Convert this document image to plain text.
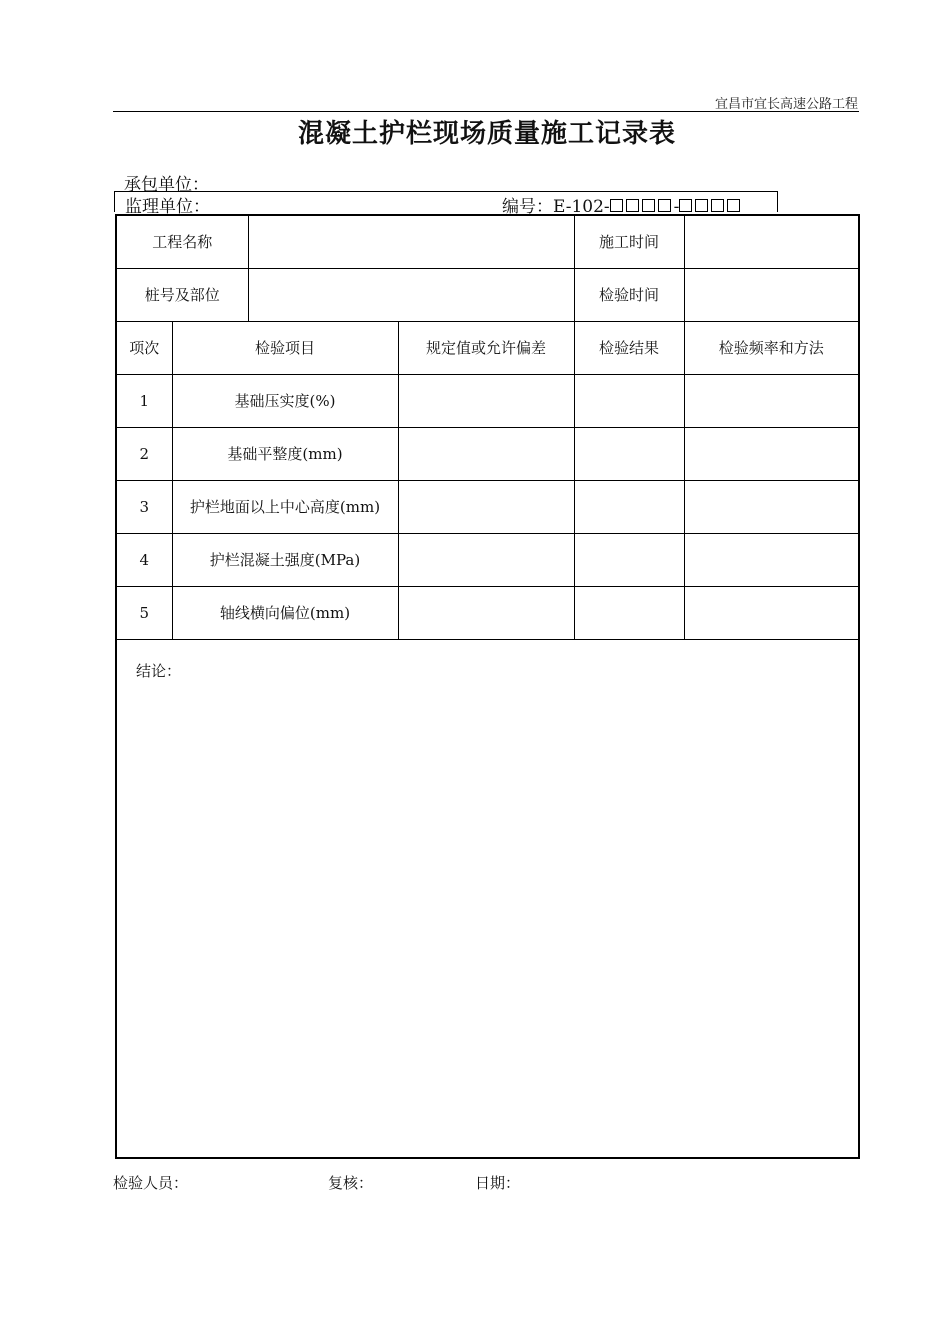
宜昌市宜长高速公路工程
混凝土护栏现场质量施工记录表
承包单位：
监理单位：	编号：E-102-	-
工程名称				施工时间	
桩号及部位				检验时间	
项次	检验项目		规定值或允许偏差	检验结果	检验频率和方法
1	基础压实度(%)				
2	基础平整度(mm)				
3	护栏地面以上中心高度(mm)				
4	护栏混凝土强度(MPa)				
5	轴线横向偏位(mm)				
结论：					
检验人员：	复核：	日期：
